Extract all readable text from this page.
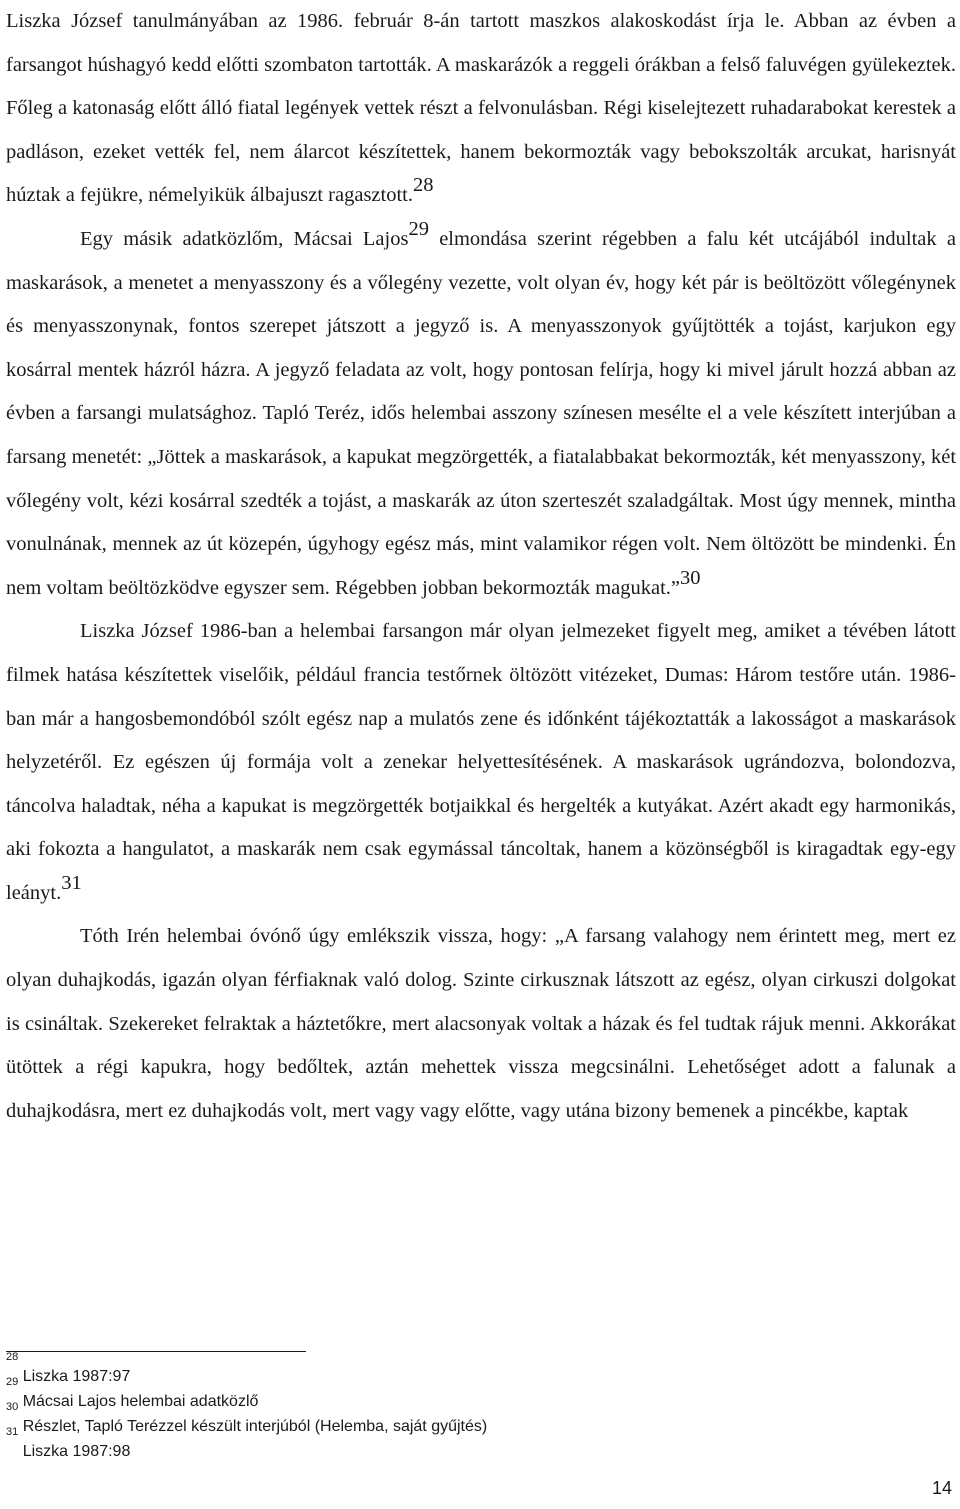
Liszka József tanulmányában az 1986. február 8-án tartott maszkos alakoskodást írja le. Abban az évben a farsangot húshagyó kedd előtti szombaton tartották. A maskarázók a reggeli órákban a felső faluvégen gyülekeztek. Főleg a katonaság előtt álló fiatal legények vettek részt a felvonulásban. Régi kiselejtezett ruhadarabokat kerestek a padláson, ezeket vették fel, nem álarcot készítettek, hanem bekormozták vagy bebokszolták arcukat, harisnyát húztak a fejükre, némelyikük álbajuszt ragasztott.$^{28}$

Egy másik adatközlőm, Mácsai Lajos$^{29}$ elmondása szerint régebben a falu két utcájából indultak a maskarások, a menetet a menyasszony és a vőlegény vezette, volt olyan év, hogy két pár is beöltözött vőlegénynek és menyasszonynak, fontos szerepet játszott a jegyző is. A menyasszonyok gyűjtötték a tojást, karjukon egy kosárral mentek házról házra. A jegyző feladata az volt, hogy pontosan felírja, hogy ki mivel járult hozzá abban az évben a farsangi mulatsághoz. Tapló Teréz, idős helembai asszony színesen mesélte el a vele készített interjúban a farsang menetét: „Jöttek a maskarások, a kapukat megzörgették, a fiatalabbakat bekormozták, két menyasszony, két vőlegény volt, kézi kosárral szedték a tojást, a maskarák az úton szerteszét szaladgáltak. Most úgy mennek, mintha vonulnának, mennek az út közepén, úgyhogy egész más, mint valamikor régen volt. Nem öltözött be mindenki. Én nem voltam beöltözködve egyszer sem. Régebben jobban bekormozták magukat.”$^{30}$

Liszka József 1986-ban a helembai farsangon már olyan jelmezeket figyelt meg, amiket a tévében látott filmek hatása készítettek viselőik, például francia testőrnek öltözött vitézeket, Dumas: Három testőre után. 1986-ban már a hangosbemondóból szólt egész nap a mulatós zene és időnként tájékoztatták a lakosságot a maskarások helyzetéről. Ez egészen új formája volt a zenekar helyettesítésének. A maskarások ugrándozva, bolondozva, táncolva haladtak, néha a kapukat is megzörgették botjaikkal és hergelték a kutyákat. Azért akadt egy harmonikás, aki fokozta a hangulatot, a maskarák nem csak egymással táncoltak, hanem a közönségből is kiragadtak egy-egy leányt.$^{31}$

Tóth Irén helembai óvónő úgy emlékszik vissza, hogy: „A farsang valahogy nem érintett meg, mert ez olyan duhajkodás, igazán olyan férfiaknak való dolog. Szinte cirkusznak látszott az egész, olyan cirkuszi dolgokat is csináltak. Szekereket felraktak a háztetőkre, mert alacsonyak voltak a házak és fel tudtak rájuk menni. Akkorákat ütöttek a régi kapukra, hogy bedőltek, aztán mehettek vissza megcsinálni. Lehetőséget adott a falunak a duhajkodásra, mert ez duhajkodás volt, mert vagy vagy előtte, vagy utána bizony bemenek a pincékbe, kaptak

$^{28}$ Liszka 1987:97

$^{29}$ Mácsai Lajos helembai adatközlő

$^{30}$ Részlet, Tapló Terézzel készült interjúból (Helemba, saját gyűjtés)

$^{31}$ Liszka 1987:98

14
